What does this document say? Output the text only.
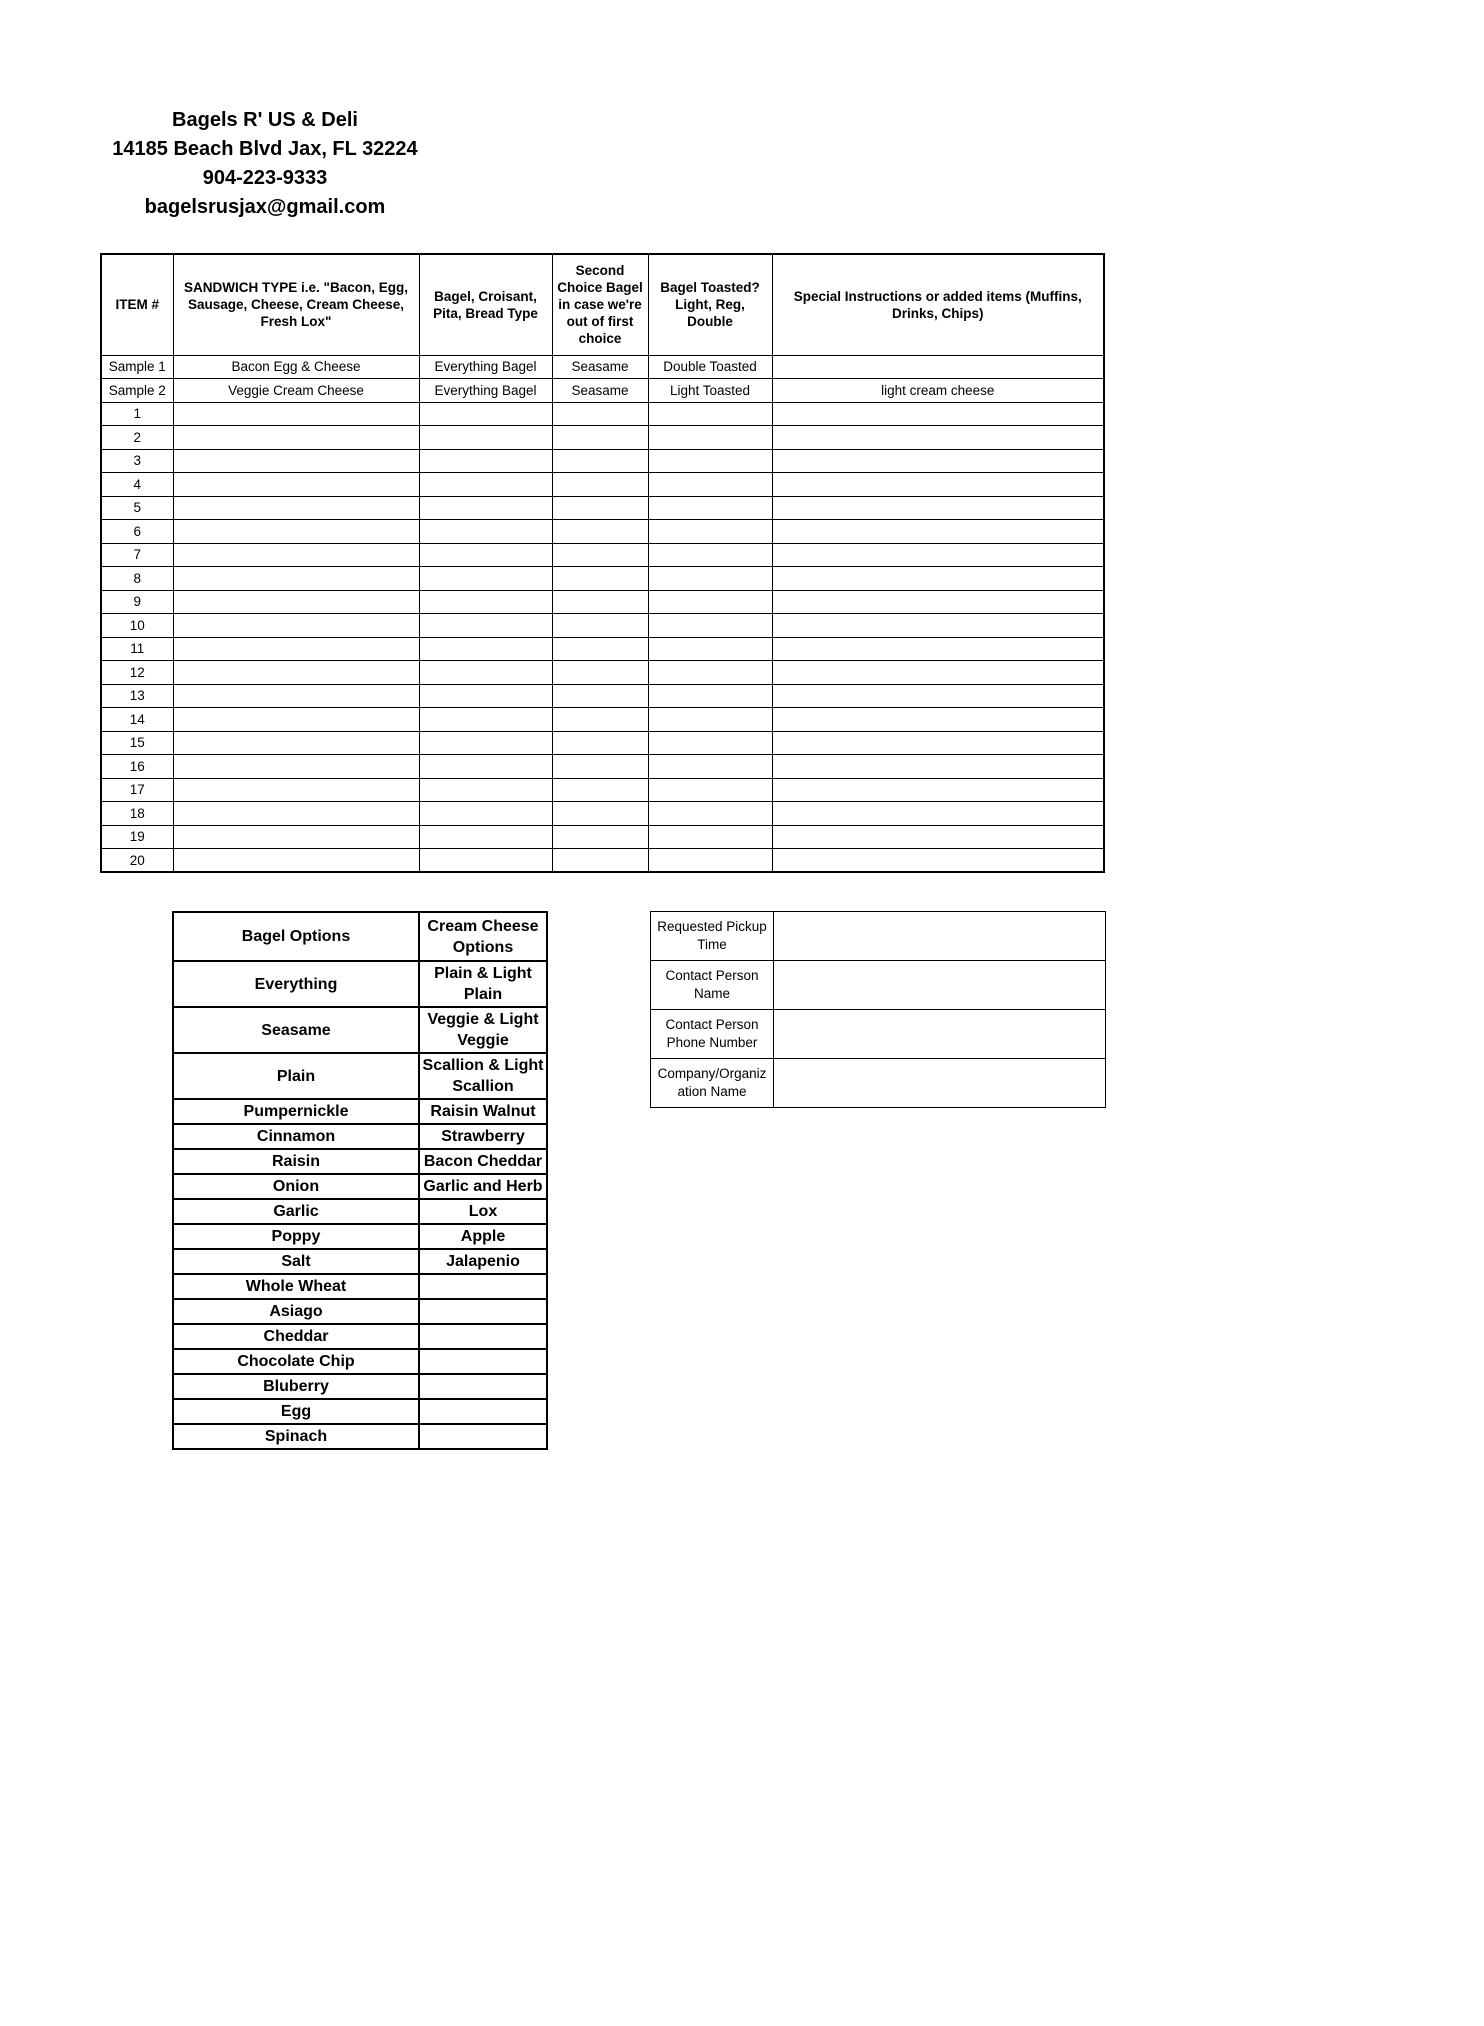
Bagels R' US & Deli
14185 Beach Blvd Jax, FL 32224
904-223-9333
bagelsrusjax@gmail.com
ITEM #	SANDWICH TYPE i.e. "Bacon, Egg, Sausage, Cheese, Cream Cheese, Fresh Lox"	Bagel, Croisant, Pita, Bread Type	Second Choice Bagel in case we're out of first choice	Bagel Toasted? Light, Reg, Double	Special Instructions or added items (Muffins, Drinks, Chips)
Sample 1	Bacon Egg & Cheese	Everything Bagel	Seasame	Double Toasted	
Sample 2	Veggie Cream Cheese	Everything Bagel	Seasame	Light Toasted	light cream cheese
1					
2					
3					
4					
5					
6					
7					
8					
9					
10					
11					
12					
13					
14					
15					
16					
17					
18					
19					
20					
Bagel Options	Cream Cheese Options
Everything	Plain & Light Plain
Seasame	Veggie & Light Veggie
Plain	Scallion & Light Scallion
Pumpernickle	Raisin Walnut
Cinnamon	Strawberry
Raisin	Bacon Cheddar
Onion	Garlic and Herb
Garlic	Lox
Poppy	Apple
Salt	Jalapenio
Whole Wheat	
Asiago	
Cheddar	
Chocolate Chip	
Bluberry	
Egg	
Spinach	
Requested Pickup Time	
Contact Person Name	
Contact Person Phone Number	
Company/Organization Name	
